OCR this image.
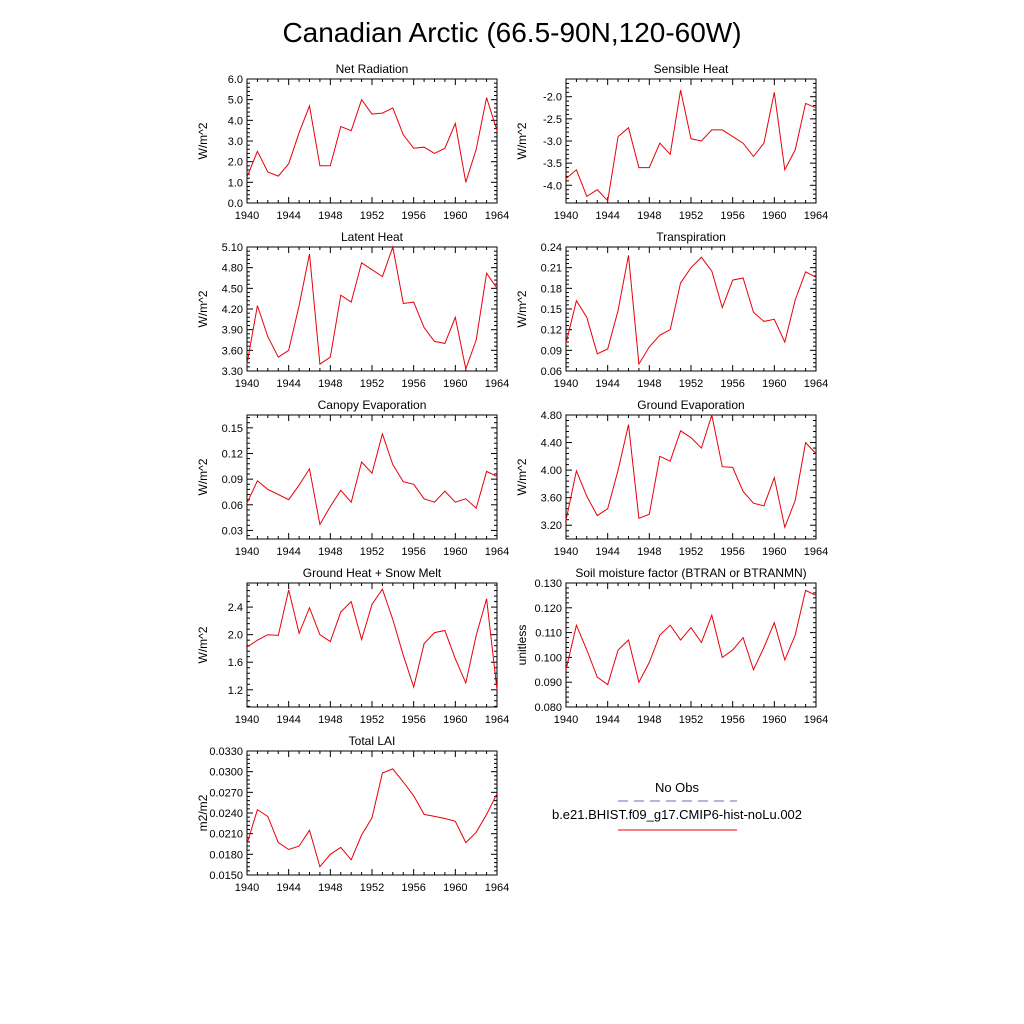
Canadian Arctic (66.5-90N,120-60W)
Net Radiation
W/m^2
1940 1944 1948 1952 1956 1960 1964
0.0
1.0
2.0
3.0
4.0
5.0
6.0
Sensible Heat
W/m^2
1940 1944 1948 1952 1956 1960 1964
-4.0
-3.5
-3.0
-2.5
-2.0
Latent Heat
W/m^2
1940 1944 1948 1952 1956 1960 1964
3.30
3.60
3.90
4.20
4.50
4.80
5.10
Transpiration
W/m^2
1940 1944 1948 1952 1956 1960 1964
0.06
0.09
0.12
0.15
0.18
0.21
0.24
Canopy Evaporation
W/m^2
1940 1944 1948 1952 1956 1960 1964
0.03
0.06
0.09
0.12
0.15
Ground Evaporation
W/m^2
1940 1944 1948 1952 1956 1960 1964
3.20
3.60
4.00
4.40
4.80
Ground Heat + Snow Melt
W/m^2
1940 1944 1948 1952 1956 1960 1964
1.2
1.6
2.0
2.4
Soil moisture factor (BTRAN or BTRANMN)
unitless
1940 1944 1948 1952 1956 1960 1964
0.080
0.090
0.100
0.110
0.120
0.130
Total LAI
m2/m2
1940 1944 1948 1952 1956 1960 1964
0.0150
0.0180
0.0210
0.0240
0.0270
0.0300
0.0330
No Obs
b.e21.BHIST.f09_g17.CMIP6-hist-noLu.002
